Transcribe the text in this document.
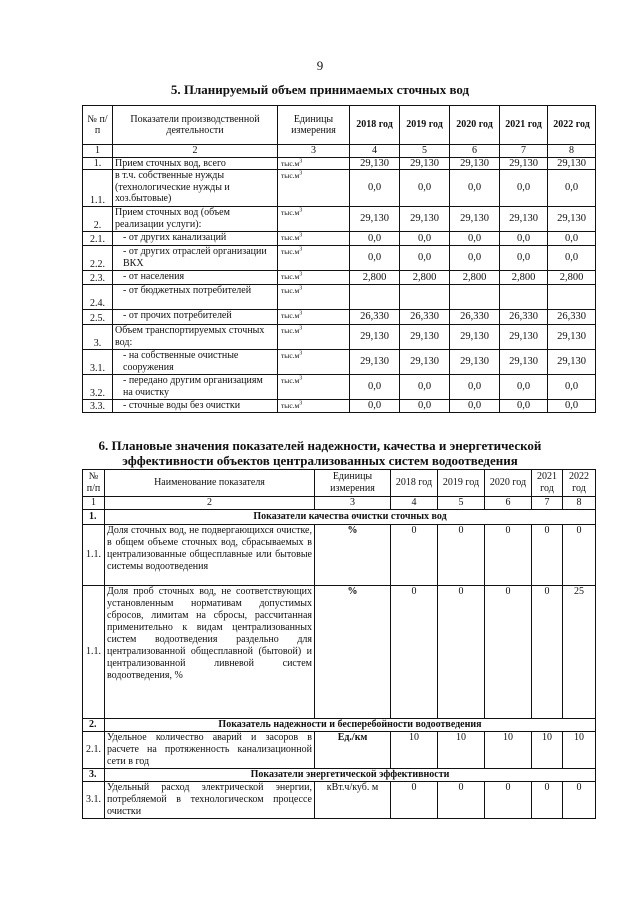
9
5. Планируемый объем принимаемых сточных вод
№ п/п	Показатели производственной деятельности	Единицы измерения	2018 год	2019 год	2020 год	2021 год	2022 год
1	2	3	4	5	6	7	8
1.	Прием сточных вод, всего	$тыс.м^3$	29,130	29,130	29,130	29,130	29,130
1.1.	в т.ч. собственные нужды (технологические нужды и хоз.бытовые)	$тыс.м^3$	0,0	0,0	0,0	0,0	0,0
2.	Прием сточных вод (объем реализации услуги):	$тыс.м^3$	29,130	29,130	29,130	29,130	29,130
2.1.	- от других канализаций	$тыс.м^3$	0,0	0,0	0,0	0,0	0,0
2.2.	- от других отраслей организации ВКХ	$тыс.м^3$	0,0	0,0	0,0	0,0	0,0
2.3.	- от населения	$тыс.м^3$	2,800	2,800	2,800	2,800	2,800
2.4.	- от бюджетных потребителей	$тыс.м^3$					
2.5.	- от прочих потребителей	$тыс.м^3$	26,330	26,330	26,330	26,330	26,330
3.	Объем транспортируемых сточных вод:	$тыс.м^3$	29,130	29,130	29,130	29,130	29,130
3.1.	- на собственные очистные сооружения	$тыс.м^3$	29,130	29,130	29,130	29,130	29,130
3.2.	- передано другим организациям на очистку	$тыс.м^3$	0,0	0,0	0,0	0,0	0,0
3.3.	- сточные воды без очистки	$тыс.м^3$	0,0	0,0	0,0	0,0	0,0
6. Плановые значения показателей надежности, качества и энергетической
эффективности объектов централизованных систем водоотведения
№ п/п	Наименование показателя	Единицы измерения	2018 год	2019 год	2020 год	2021 год	2022 год
1	2	3	4	5	6	7	8
1.	Показатели качества очистки сточных вод						
1.1.	Доля сточных вод, не подвергающихся очистке, в общем объеме сточных вод, сбрасываемых в централизованные общесплавные или бытовые системы водоотведения	%	0	0	0	0	0
1.1.	Доля проб сточных вод, не соответствующих установленным нормативам допустимых сбросов, лимитам на сбросы, рассчитанная применительно к видам централизованных систем водоотведения раздельно для централизованной общесплавной (бытовой) и централизованной ливневой систем водоотведения, %	%	0	0	0	0	25
2.	Показатель надежности и бесперебойности водоотведения						
2.1.	Удельное количество аварий и засоров в расчете на протяженность канализационной сети в год	Ед./км	10	10	10	10	10
3.	Показатели энергетической эффективности						
3.1.	Удельный расход электрической энергии, потребляемой в технологическом процессе очистки	кВт.ч/куб. м	0	0	0	0	0
